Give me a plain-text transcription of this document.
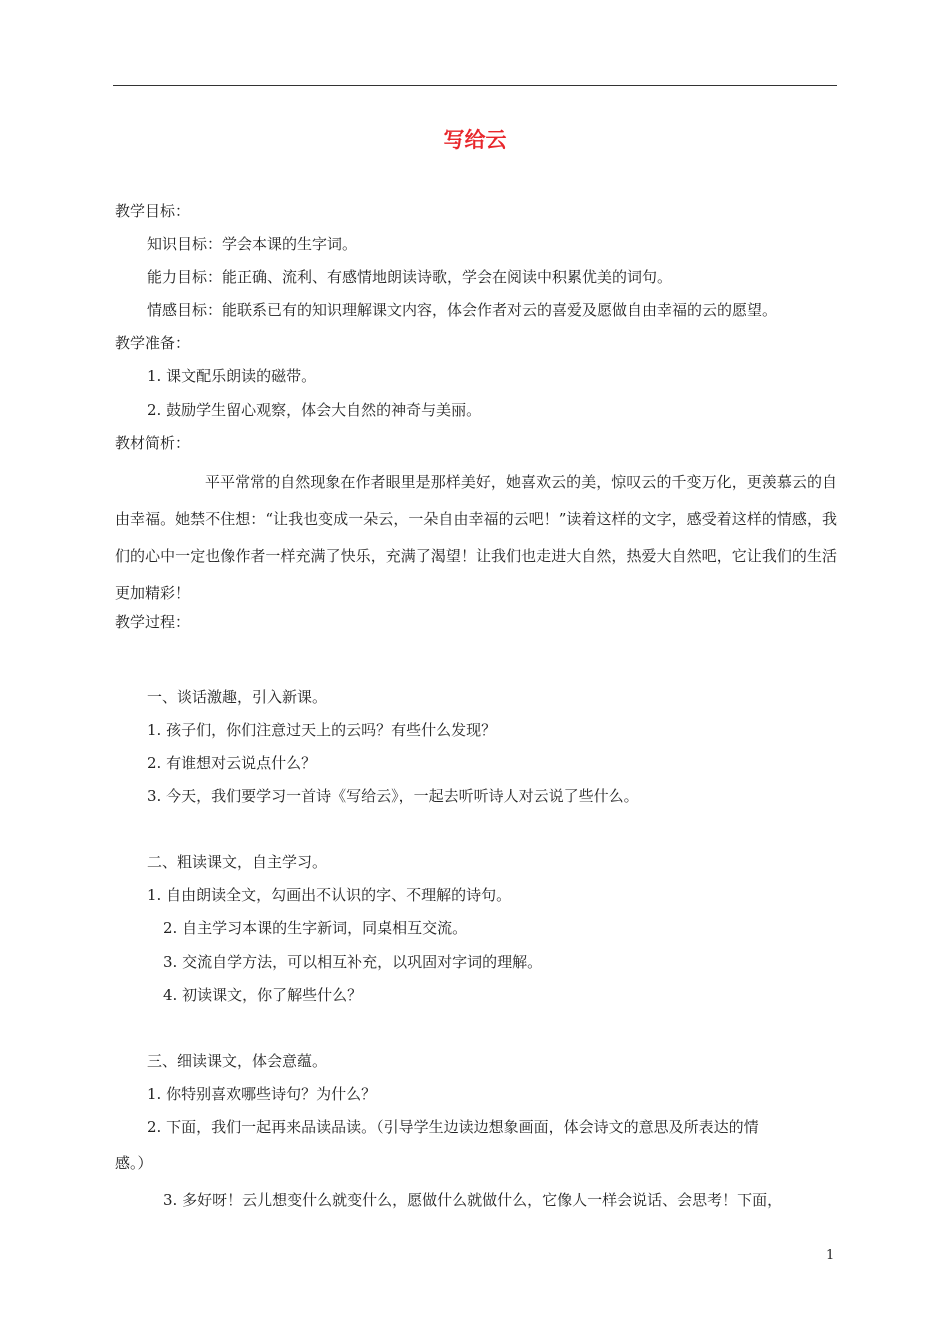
写给云
教学目标：
知识目标：学会本课的生字词。
能力目标：能正确、流利、有感情地朗读诗歌，学会在阅读中积累优美的词句。
情感目标：能联系已有的知识理解课文内容，体会作者对云的喜爱及愿做自由幸福的云的愿望。
教学准备：
1. 课文配乐朗读的磁带。
2. 鼓励学生留心观察，体会大自然的神奇与美丽。
教材简析：
平平常常的自然现象在作者眼里是那样美好，她喜欢云的美，惊叹云的千变万化，更羡慕云的自由幸福。她禁不住想：“让我也变成一朵云，一朵自由幸福的云吧！”读着这样的文字，感受着这样的情感，我们的心中一定也像作者一样充满了快乐，充满了渴望！让我们也走进大自然，热爱大自然吧，它让我们的生活更加精彩！
教学过程：
一、谈话激趣，引入新课。
1. 孩子们，你们注意过天上的云吗？有些什么发现？
2. 有谁想对云说点什么？
3. 今天，我们要学习一首诗《写给云》，一起去听听诗人对云说了些什么。
二、粗读课文，自主学习。
1. 自由朗读全文，勾画出不认识的字、不理解的诗句。
2. 自主学习本课的生字新词，同桌相互交流。
3. 交流自学方法，可以相互补充，以巩固对字词的理解。
4. 初读课文，你了解些什么？
三、细读课文，体会意蕴。
1. 你特别喜欢哪些诗句？为什么？
2. 下面，我们一起再来品读品读。（引导学生边读边想象画面，体会诗文的意思及所表达的情
感。）
3. 多好呀！云儿想变什么就变什么，愿做什么就做什么，它像人一样会说话、会思考！下面，
1
